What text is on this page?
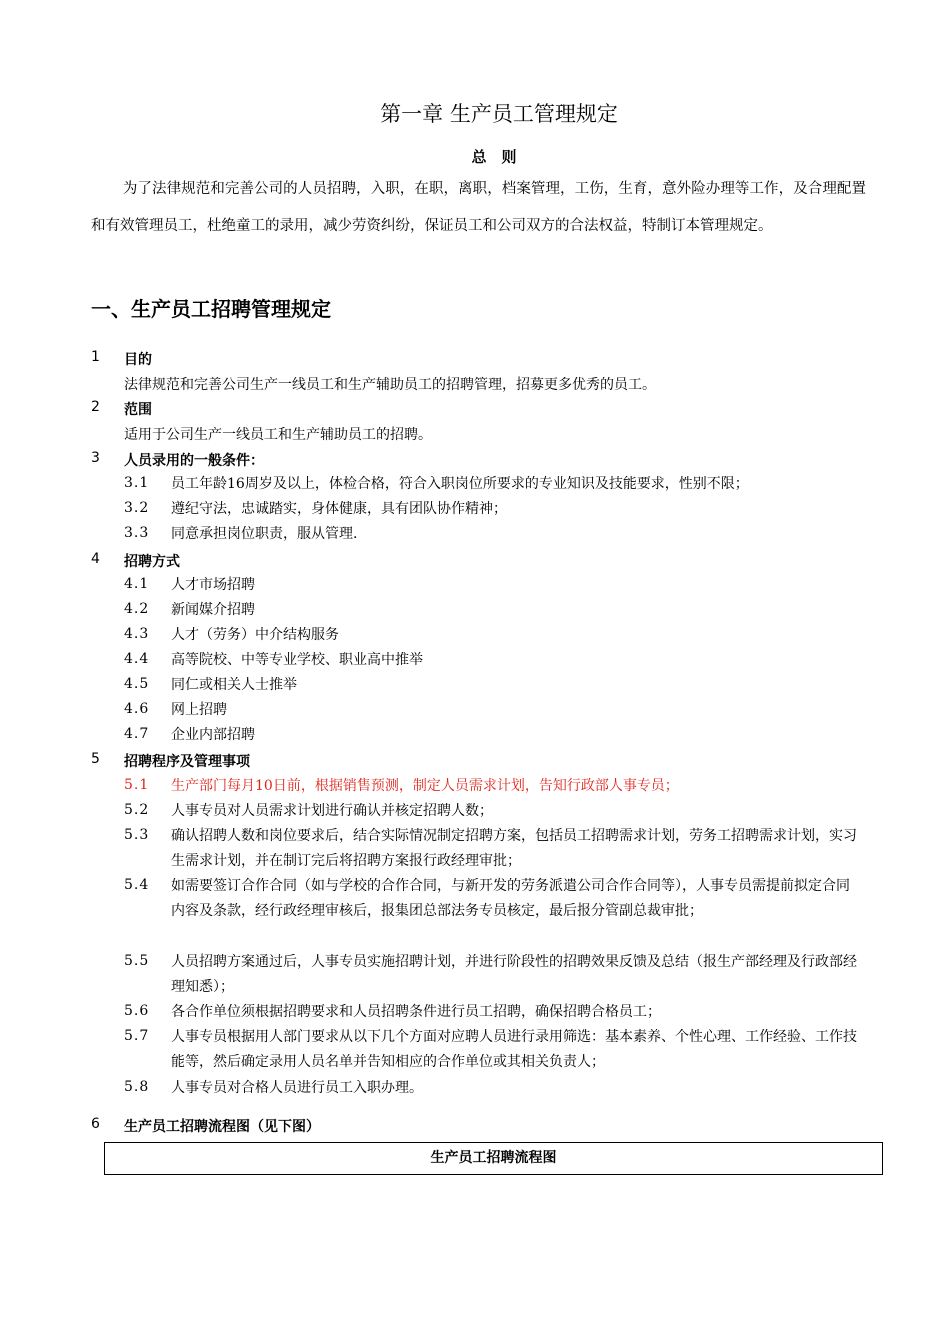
第一章 生产员工管理规定
总　则
为了法律规范和完善公司的人员招聘，入职，在职，离职，档案管理，工伤，生育，意外险办理等工作，及合理配置和有效管理员工，杜绝童工的录用，减少劳资纠纷，保证员工和公司双方的合法权益，特制订本管理规定。
一、生产员工招聘管理规定
1 目的
法律规范和完善公司生产一线员工和生产辅助员工的招聘管理，招募更多优秀的员工。
2 范围
适用于公司生产一线员工和生产辅助员工的招聘。
3 人员录用的一般条件：
3.1 员工年龄16周岁及以上，体检合格，符合入职岗位所要求的专业知识及技能要求，性别不限；
3.2 遵纪守法，忠诚踏实，身体健康，具有团队协作精神；
3.3 同意承担岗位职责，服从管理.
4 招聘方式
4.1 人才市场招聘
4.2 新闻媒介招聘
4.3 人才（劳务）中介结构服务
4.4 高等院校、中等专业学校、职业高中推举
4.5 同仁或相关人士推举
4.6 网上招聘
4.7 企业内部招聘
5 招聘程序及管理事项
5.1 生产部门每月10日前，根据销售预测，制定人员需求计划，告知行政部人事专员；
5.2 人事专员对人员需求计划进行确认并核定招聘人数；
5.3 确认招聘人数和岗位要求后，结合实际情况制定招聘方案，包括员工招聘需求计划，劳务工招聘需求计划，实习生需求计划，并在制订完后将招聘方案报行政经理审批；
5.4 如需要签订合作合同（如与学校的合作合同，与新开发的劳务派遣公司合作合同等），人事专员需提前拟定合同内容及条款，经行政经理审核后，报集团总部法务专员核定，最后报分管副总裁审批；
5.5 人员招聘方案通过后，人事专员实施招聘计划，并进行阶段性的招聘效果反馈及总结（报生产部经理及行政部经理知悉）；
5.6 各合作单位须根据招聘要求和人员招聘条件进行员工招聘，确保招聘合格员工；
5.7 人事专员根据用人部门要求从以下几个方面对应聘人员进行录用筛选：基本素养、个性心理、工作经验、工作技能等，然后确定录用人员名单并告知相应的合作单位或其相关负责人；
5.8 人事专员对合格人员进行员工入职办理。
6 生产员工招聘流程图（见下图）
生产员工招聘流程图
